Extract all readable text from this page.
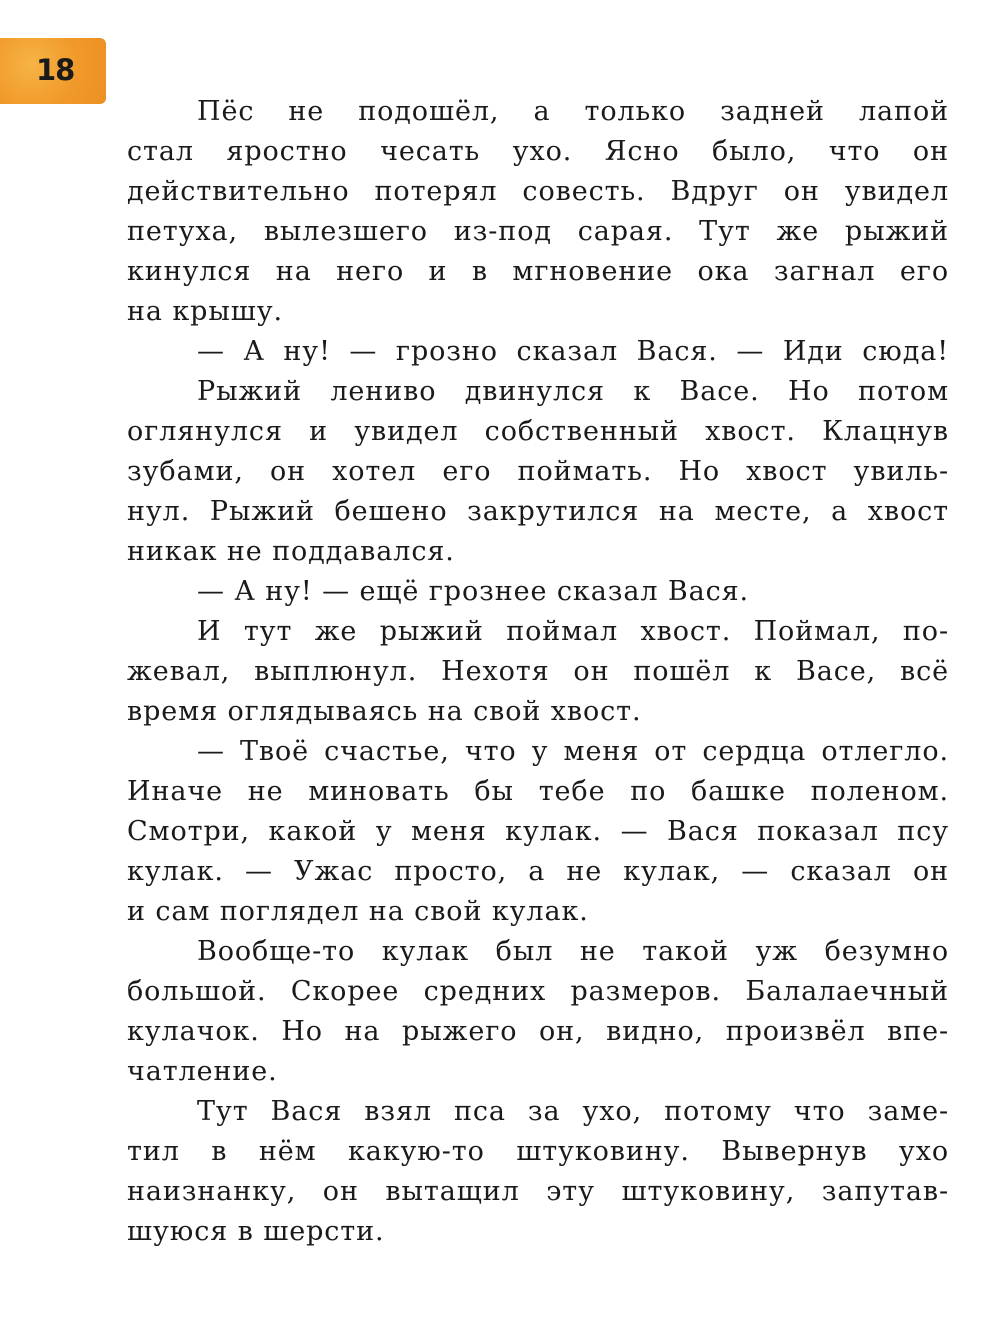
18
Пёс не подошёл, а только задней лапой
стал яростно чесать ухо. Ясно было, что он
действительно потерял совесть. Вдруг он увидел
петуха, вылезшего из-под сарая. Тут же рыжий
кинулся на него и в мгновение ока загнал его
на крышу.
— А ну! — грозно сказал Вася. — Иди сюда!
Рыжий лениво двинулся к Васе. Но потом
оглянулся и увидел собственный хвост. Клацнув
зубами, он хотел его поймать. Но хвост увиль-
нул. Рыжий бешено закрутился на месте, а хвост
никак не поддавался.
— А ну! — ещё грознее сказал Вася.
И тут же рыжий поймал хвост. Поймал, по-
жевал, выплюнул. Нехотя он пошёл к Васе, всё
время оглядываясь на свой хвост.
— Твоё счастье, что у меня от сердца отлегло.
Иначе не миновать бы тебе по башке поленом.
Смотри, какой у меня кулак. — Вася показал псу
кулак. — Ужас просто, а не кулак, — сказал он
и сам поглядел на свой кулак.
Вообще-то кулак был не такой уж безумно
большой. Скорее средних размеров. Балалаечный
кулачок. Но на рыжего он, видно, произвёл впе-
чатление.
Тут Вася взял пса за ухо, потому что заме-
тил в нём какую-то штуковину. Вывернув ухо
наизнанку, он вытащил эту штуковину, запутав-
шуюся в шерсти.
